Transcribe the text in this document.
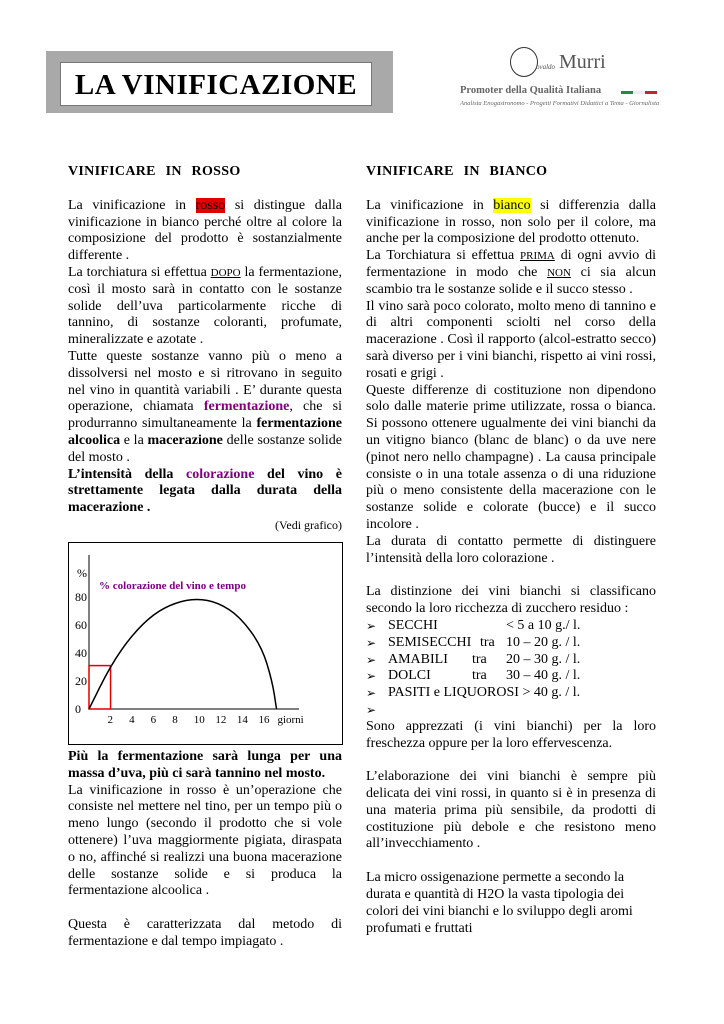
LA VINIFICAZIONE
ovaldo Murri
Promoter della Qualità Italiana
Analista Enogastronomo - Progetti Formativi Didattici a Tema - Giornalista

VINIFICARE IN ROSSO

La vinificazione in rosso si distingue dalla vinificazione in bianco perché oltre al colore la composizione del prodotto è sostanzialmente differente .

La torchiatura si effettua DOPO la fermentazione, così il mosto sarà in contatto con le sostanze solide dell’uva particolarmente ricche di tannino, di sostanze coloranti, profumate, mineralizzate e azotate .

Tutte queste sostanze vanno più o meno a dissolversi nel mosto e si ritrovano in seguito nel vino in quantità variabili . E’ durante questa operazione, chiamata fermentazione, che si produrranno simultaneamente la fermentazione alcoolica e la macerazione delle sostanze solide del mosto .

L’intensità della colorazione del vino è strettamente legata dalla durata della macerazione .

(Vedi grafico)

%
0
20
40
60
80
2 4 6 8 10 12 14 16 giorni
% colorazione del vino e tempo

Più la fermentazione sarà lunga per una massa d’uva, più ci sarà tannino nel mosto.

La vinificazione in rosso è un’operazione che consiste nel mettere nel tino, per un tempo più o meno lungo (secondo il prodotto che si vole ottenere) l’uva maggiormente pigiata, diraspata o no, affinché si realizzi una buona macerazione delle sostanze solide e si produca la fermentazione alcoolica .

Questa è caratterizzata dal metodo di fermentazione e dal tempo impiagato .

VINIFICARE IN BIANCO

La vinificazione in bianco si differenzia dalla vinificazione in rosso, non solo per il colore, ma anche per la composizione del prodotto ottenuto.

La Torchiatura si effettua PRIMA di ogni avvio di fermentazione in modo che NON ci sia alcun scambio tra le sostanze solide e il succo stesso .

Il vino sarà poco colorato, molto meno di tannino e di altri componenti sciolti nel corso della macerazione . Così il rapporto (alcol-estratto secco) sarà diverso per i vini bianchi, rispetto ai vini rossi, rosati e grigi .

Queste differenze di costituzione non dipendono solo dalle materie prime utilizzate, rossa o bianca. Si possono ottenere ugualmente dei vini bianchi da un vitigno bianco (blanc de blanc) o da uve nere (pinot nero nello champagne) . La causa principale consiste o in una totale assenza o di una riduzione più o meno consistente della macerazione con le sostanze solide e colorate (bucce) e il succo incolore .

La durata di contatto permette di distinguere l’intensità della loro colorazione .

La distinzione dei vini bianchi si classificano secondo la loro ricchezza di zucchero residuo :

➢ SECCHI	< 5 a 10 g./ l.
➢ SEMISECCHI tra 10 – 20 g. / l.
➢ AMABILI tra 20 – 30 g. / l.
➢ DOLCI	tra 30 – 40 g. / l.
➢ PASITI e LIQUOROSI > 40 g. / l.
➢

Sono apprezzati (i vini bianchi) per la loro freschezza oppure per la loro effervescenza.

L’elaborazione dei vini bianchi è sempre più delicata dei vini rossi, in quanto si è in presenza di una materia prima più sensibile, da prodotti di costituzione più debole e che resistono meno all’invecchiamento .

La micro ossigenazione permette a secondo la durata e quantità di H2O la vasta tipologia dei colori dei vini bianchi e lo sviluppo degli aromi profumati e fruttati
